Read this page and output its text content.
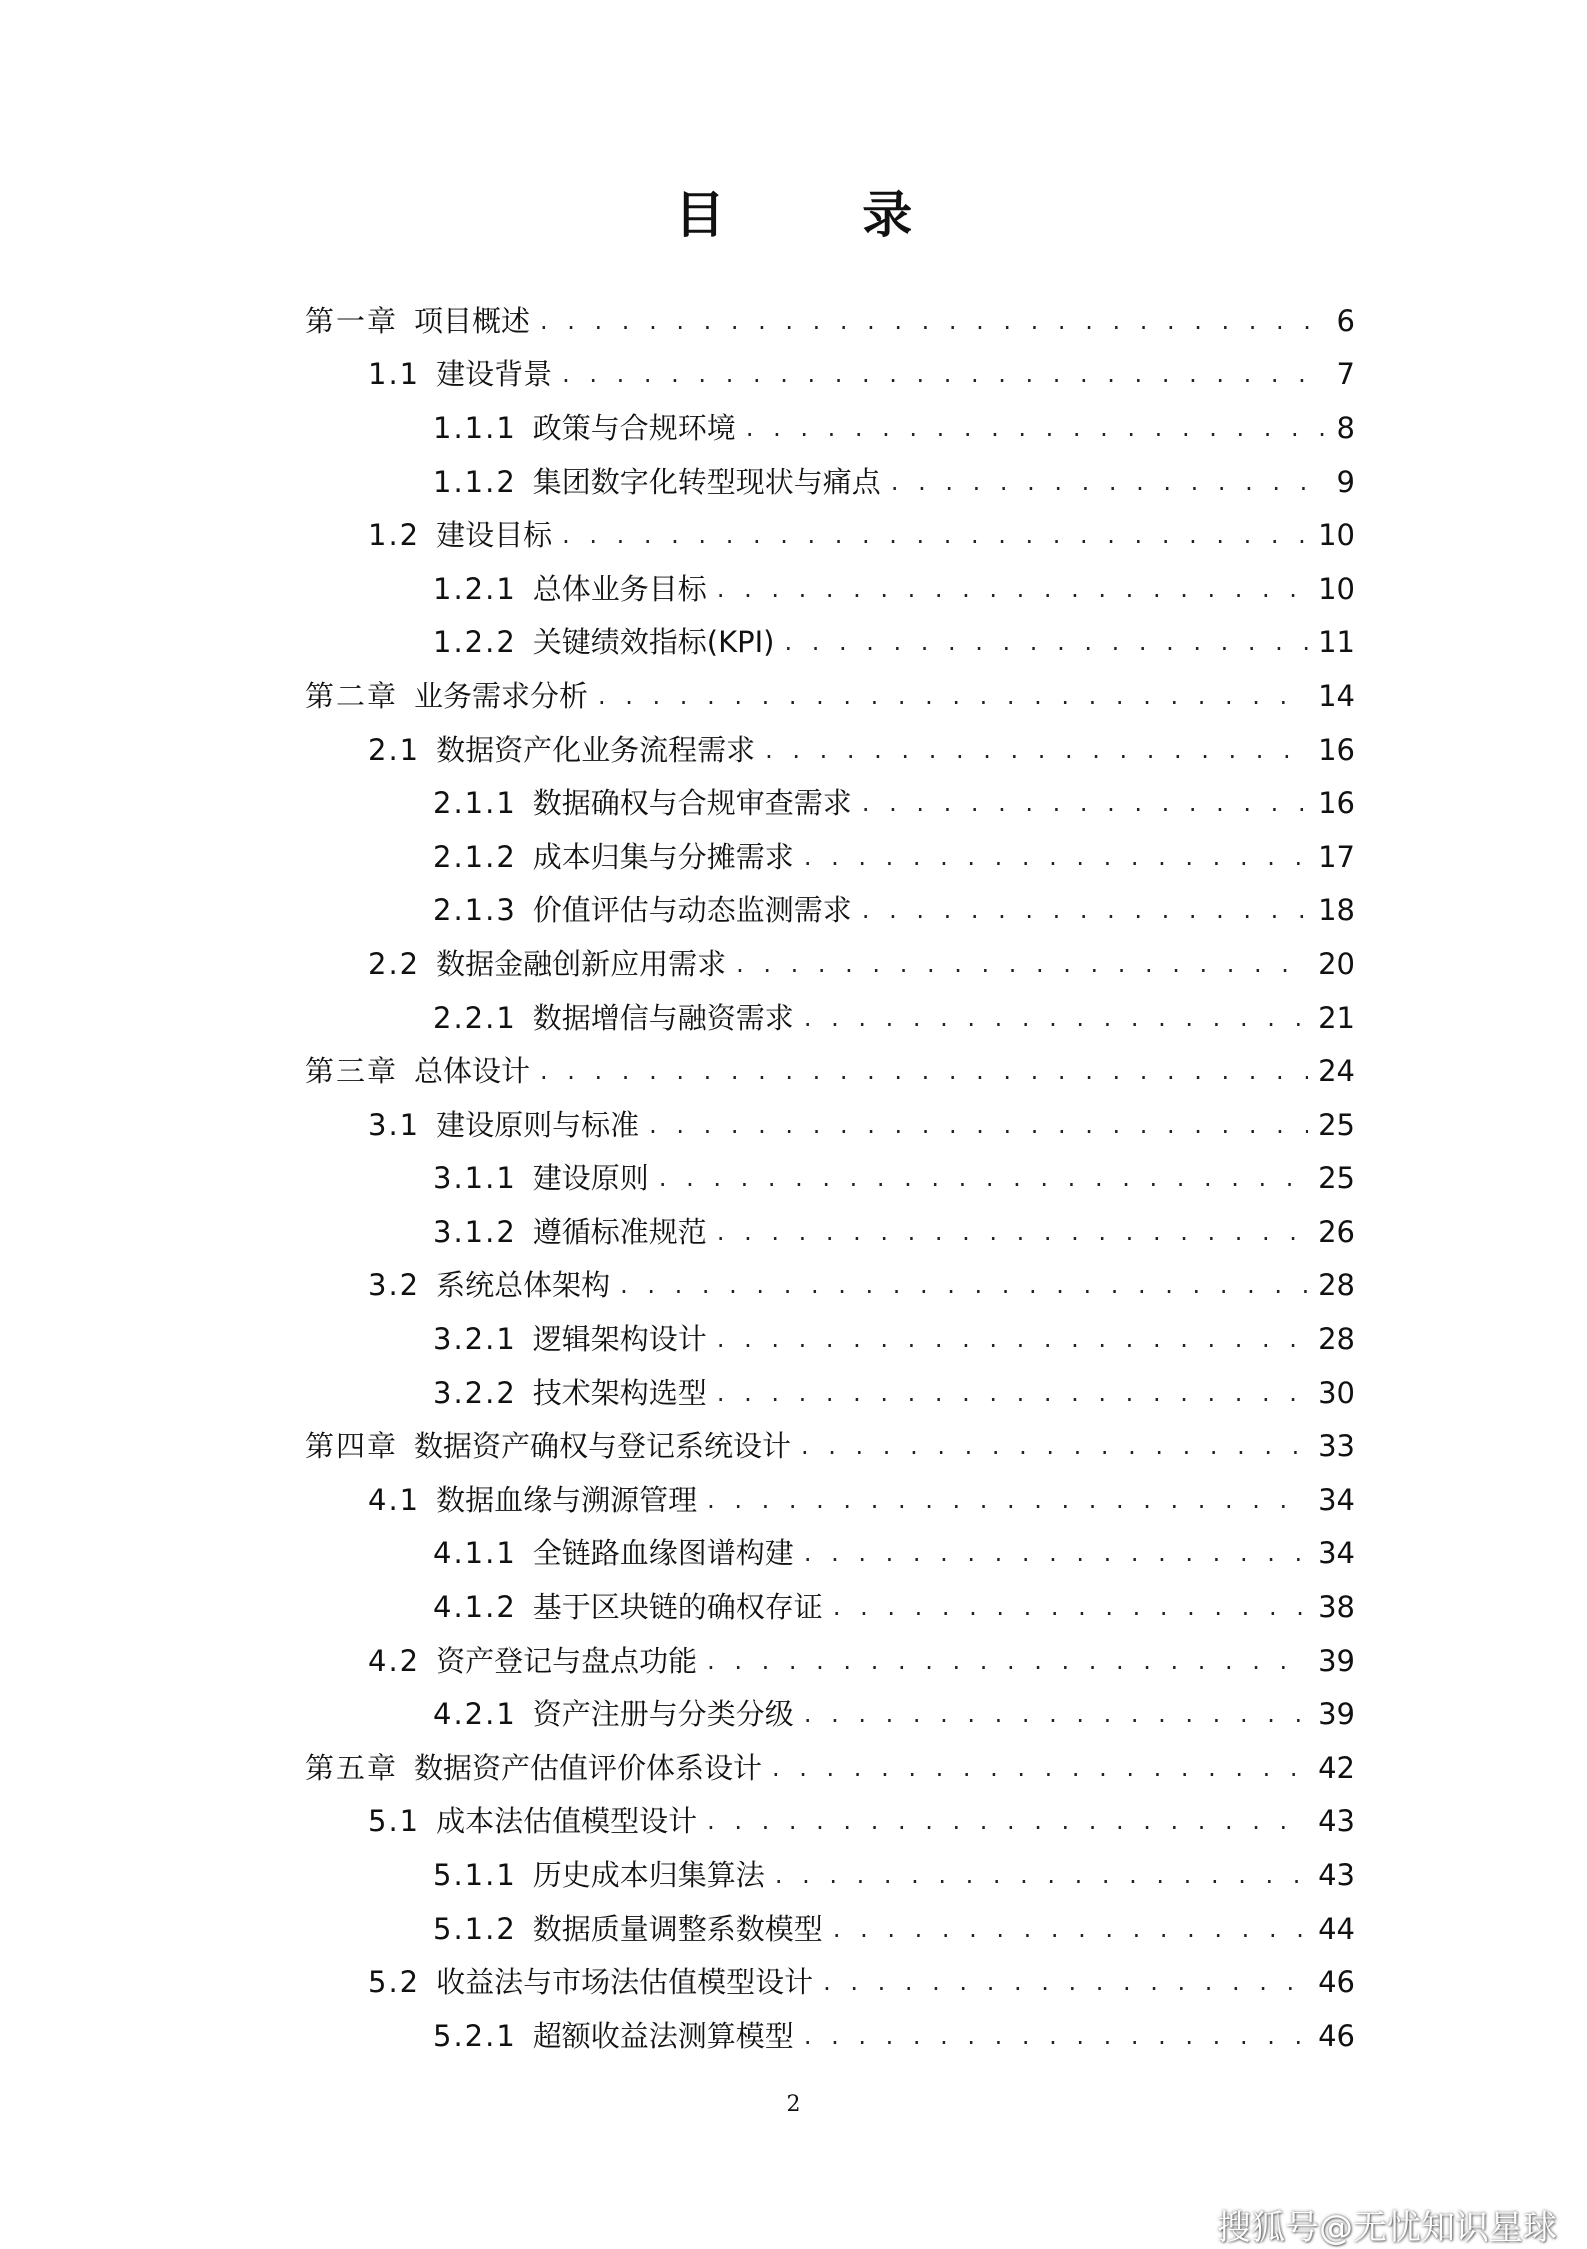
目 录
第一章 项目概述 . . .	6
1.1 建设背景 . . .	7
1.1.1 政策与合规环境 . . .	8
1.1.2 集团数字化转型现状与痛点 . . .	9
1.2 建设目标 . . .	10
1.2.1 总体业务目标 . . .	10
1.2.2 关键绩效指标(KPI) . . .	11
第二章 业务需求分析 . . .	14
2.1 数据资产化业务流程需求 . . .	16
2.1.1 数据确权与合规审查需求 . . .	16
2.1.2 成本归集与分摊需求 . . .	17
2.1.3 价值评估与动态监测需求 . . .	18
2.2 数据金融创新应用需求 . . .	20
2.2.1 数据增信与融资需求 . . .	21
第三章 总体设计 . . .	24
3.1 建设原则与标准 . . .	25
3.1.1 建设原则 . . .	25
3.1.2 遵循标准规范 . . .	26
3.2 系统总体架构 . . .	28
3.2.1 逻辑架构设计 . . .	28
3.2.2 技术架构选型 . . .	30
第四章 数据资产确权与登记系统设计 . . .	33
4.1 数据血缘与溯源管理 . . .	34
4.1.1 全链路血缘图谱构建 . . .	34
4.1.2 基于区块链的确权存证 . . .	38
4.2 资产登记与盘点功能 . . .	39
4.2.1 资产注册与分类分级 . . .	39
第五章 数据资产估值评价体系设计 . . .	42
5.1 成本法估值模型设计 . . .	43
5.1.1 历史成本归集算法 . . .	43
5.1.2 数据质量调整系数模型 . . .	44
5.2 收益法与市场法估值模型设计 . . .	46
5.2.1 超额收益法测算模型 . . .	46
2
搜狐号@无忧知识星球
